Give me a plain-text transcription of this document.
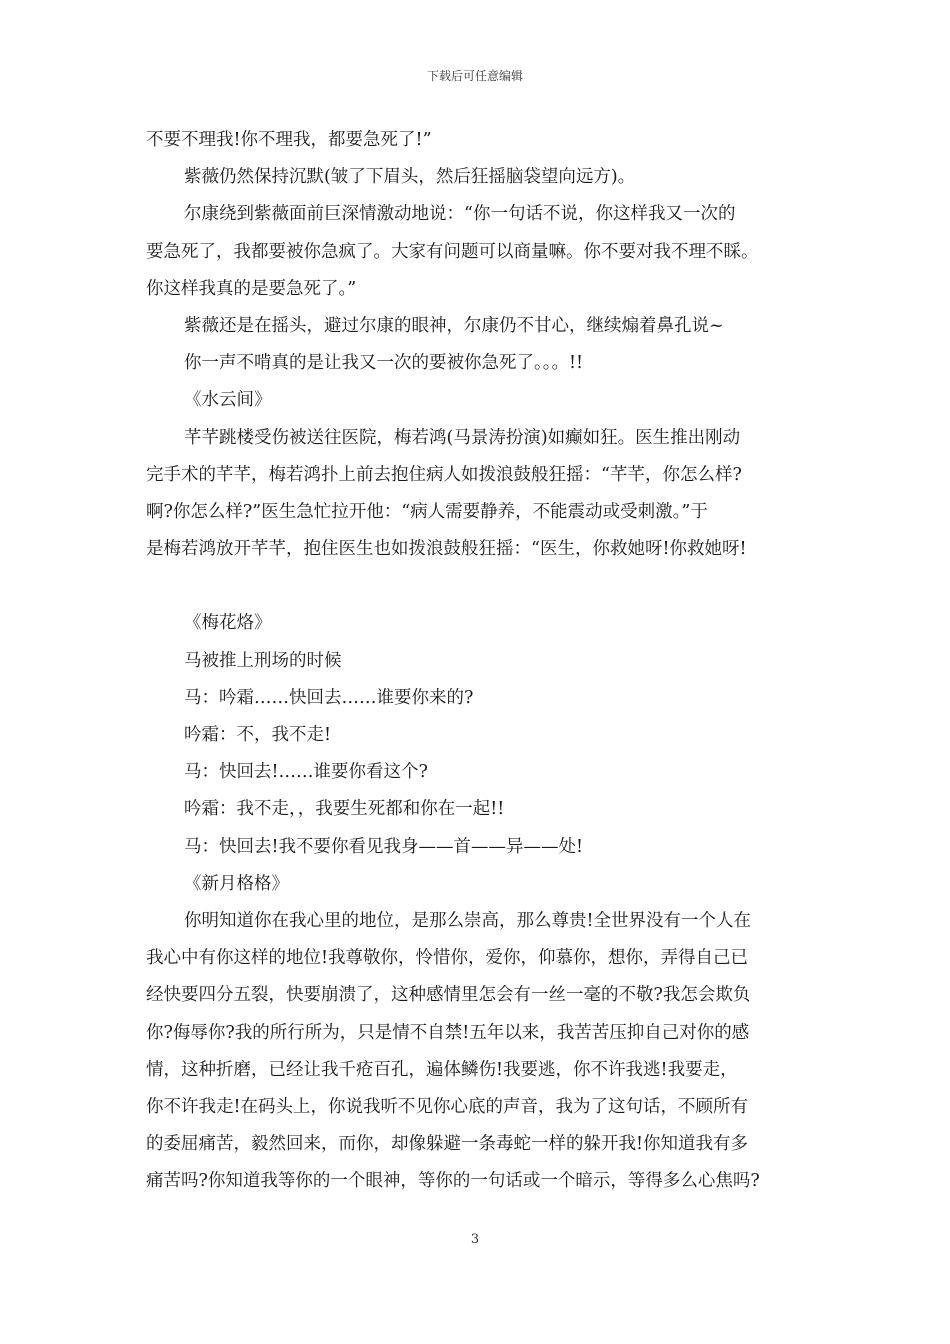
下载后可任意编辑

不要不理我!你不理我，都要急死了!”

紫薇仍然保持沉默(皱了下眉头，然后狂摇脑袋望向远方)。

尔康绕到紫薇面前巨深情激动地说：“你一句话不说，你这样我又一次的

要急死了，我都要被你急疯了。大家有问题可以商量嘛。你不要对我不理不睬。

你这样我真的是要急死了。”

紫薇还是在摇头，避过尔康的眼神，尔康仍不甘心，继续煽着鼻孔说~

你一声不啃真的是让我又一次的要被你急死了。。。!!

《水云间》

芊芊跳楼受伤被送往医院，梅若鸿(马景涛扮演)如癫如狂。医生推出刚动

完手术的芊芊，梅若鸿扑上前去抱住病人如拨浪鼓般狂摇：“芊芊，你怎么样?

啊?你怎么样?”医生急忙拉开他：“病人需要静养，不能震动或受刺激。”于

是梅若鸿放开芊芊，抱住医生也如拨浪鼓般狂摇：“医生，你救她呀!你救她呀!

《梅花烙》

马被推上刑场的时候

马：吟霜……快回去……谁要你来的?

吟霜：不，我不走!

马：快回去!……谁要你看这个?

吟霜：我不走，，我要生死都和你在一起!!

马：快回去!我不要你看见我身——首——异——处!

《新月格格》

你明知道你在我心里的地位，是那么崇高，那么尊贵!全世界没有一个人在

我心中有你这样的地位!我尊敬你，怜惜你，爱你，仰慕你，想你，弄得自己已

经快要四分五裂，快要崩溃了，这种感情里怎会有一丝一毫的不敬?我怎会欺负

你?侮辱你?我的所行所为，只是情不自禁!五年以来，我苦苦压抑自己对你的感

情，这种折磨，已经让我千疮百孔，遍体鳞伤!我要逃，你不许我逃!我要走，

你不许我走!在码头上，你说我听不见你心底的声音，我为了这句话，不顾所有

的委屈痛苦，毅然回来，而你，却像躲避一条毒蛇一样的躲开我!你知道我有多

痛苦吗?你知道我等你的一个眼神，等你的一句话或一个暗示，等得多么心焦吗?

3
